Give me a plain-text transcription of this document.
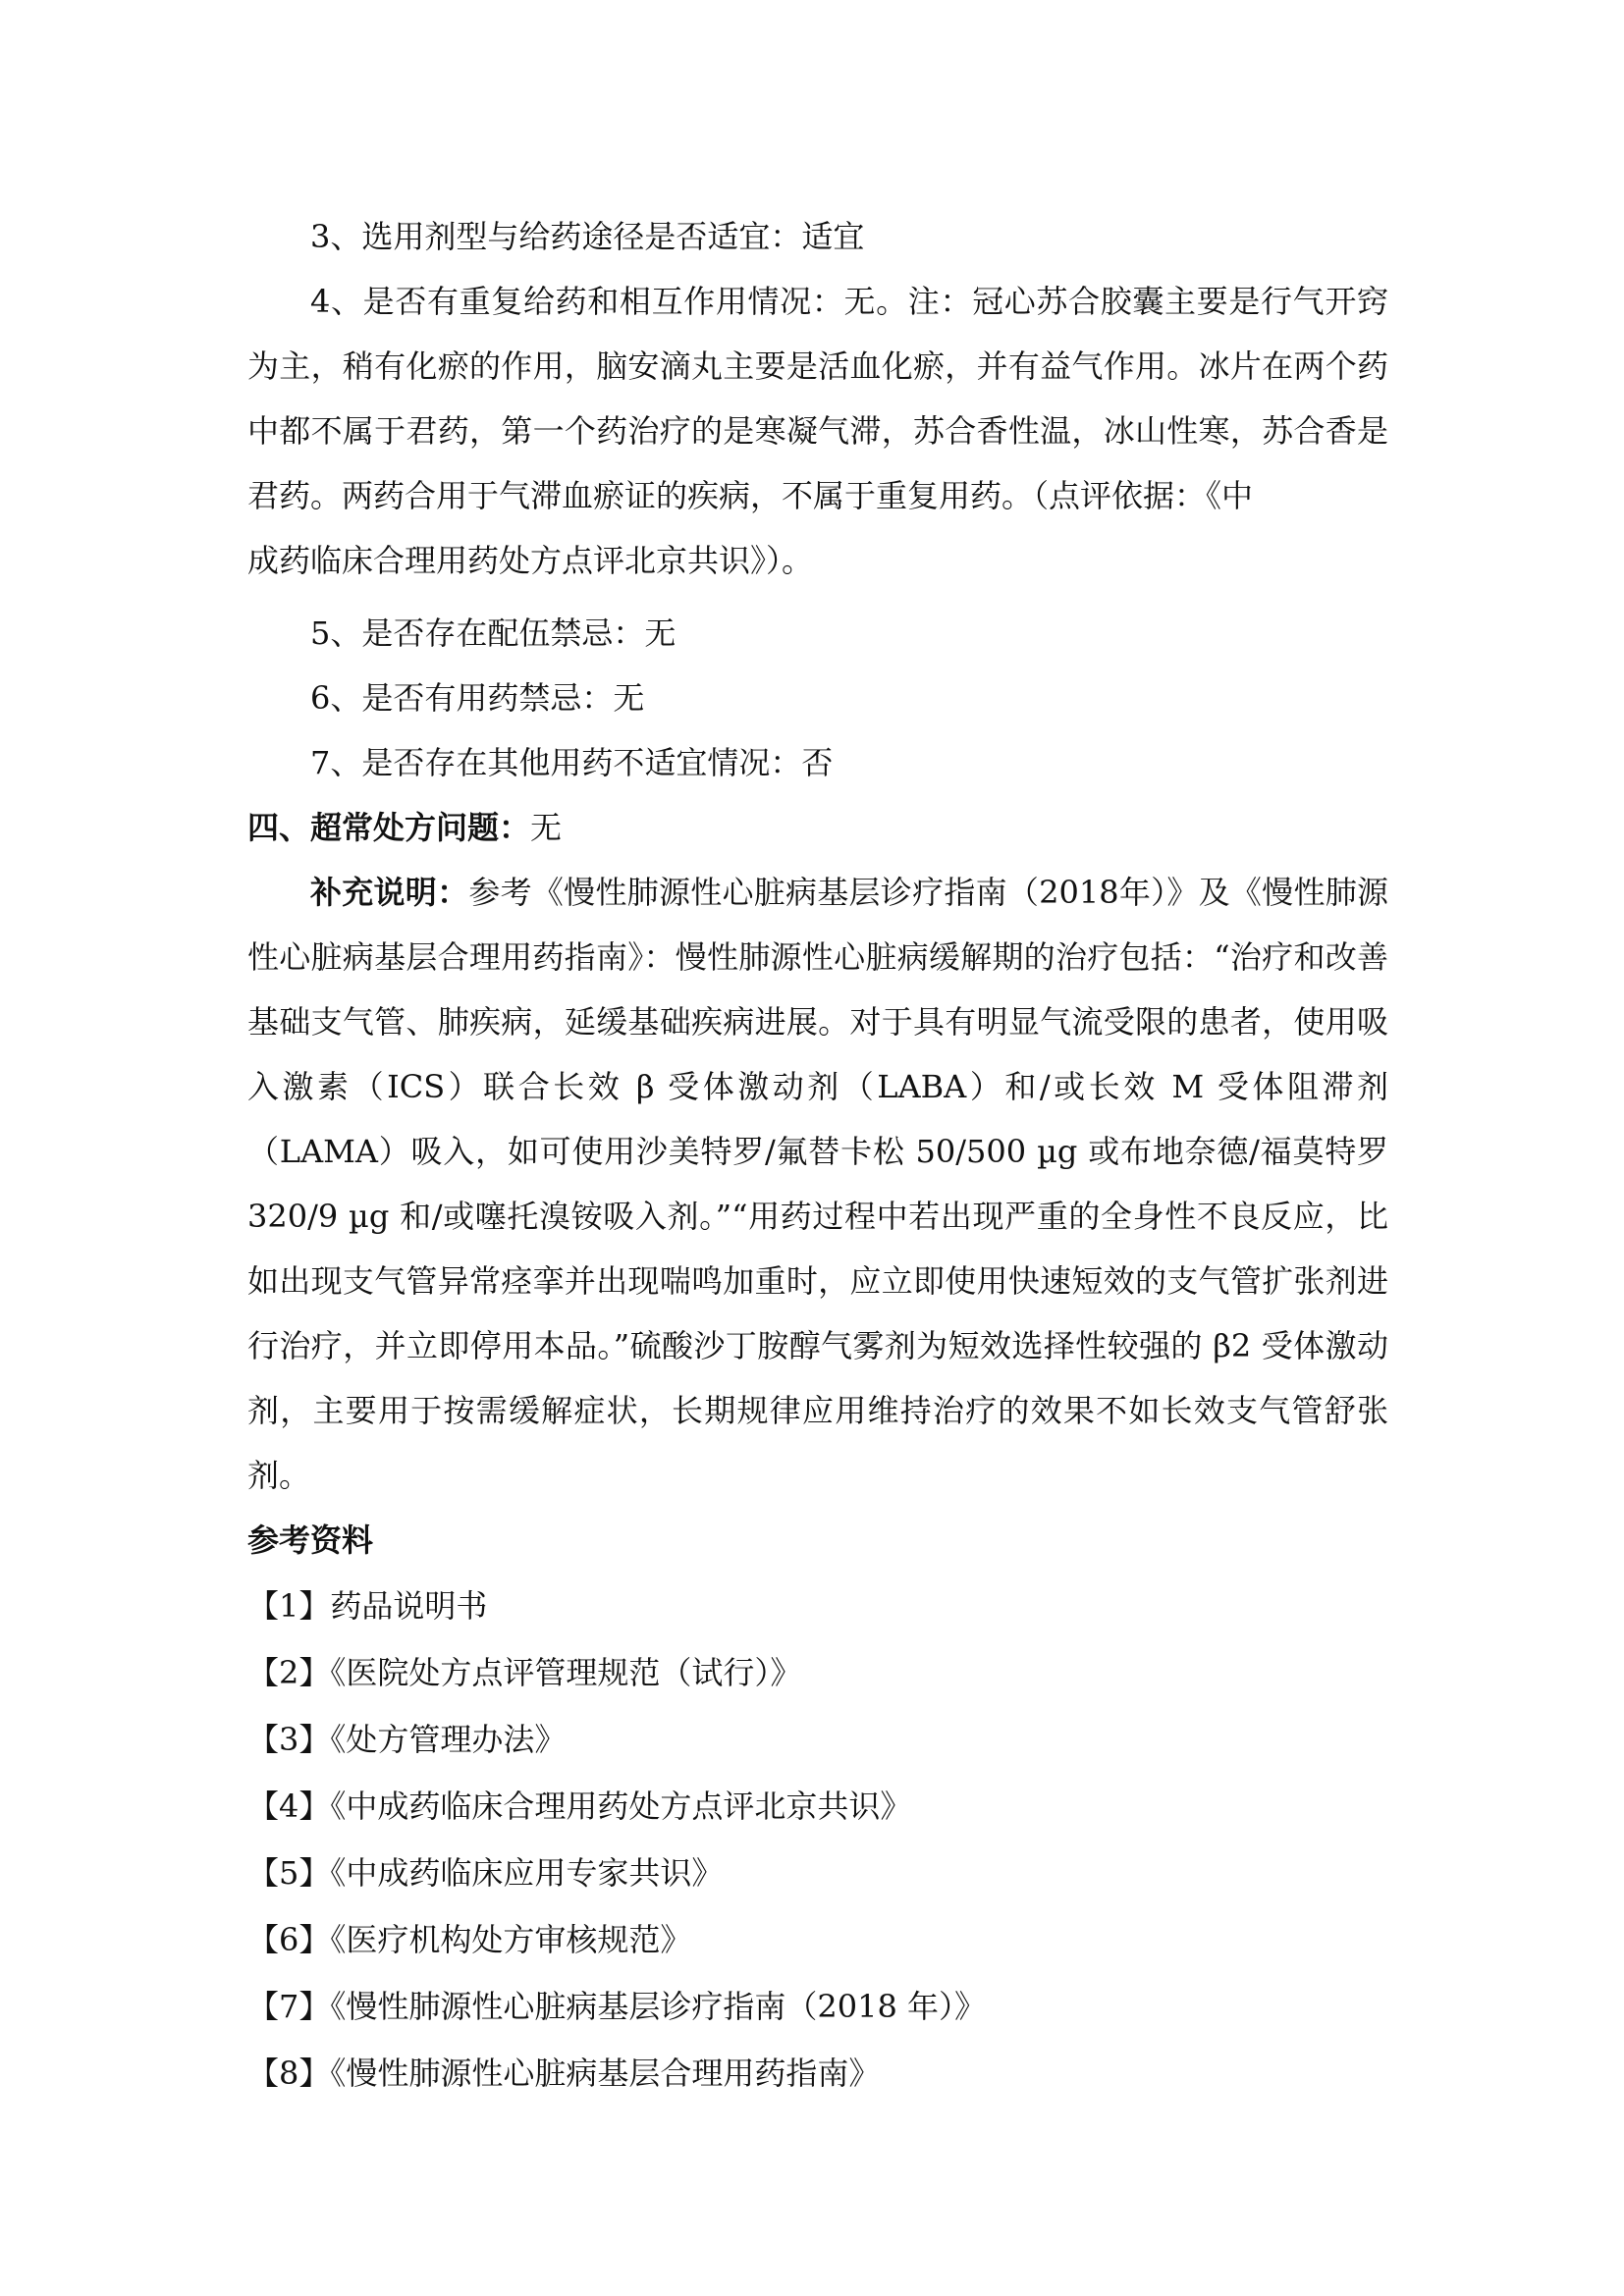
3、选用剂型与给药途径是否适宜：适宜
4、是否有重复给药和相互作用情况：无。注：冠心苏合胶囊主要是行气开窍为主，稍有化瘀的作用，脑安滴丸主要是活血化瘀，并有益气作用。冰片在两个药中都不属于君药，第一个药治疗的是寒凝气滞，苏合香性温，冰山性寒，苏合香是君药。两药合用于气滞血瘀证的疾病，不属于重复用药。（点评依据：《中
成药临床合理用药处方点评北京共识》）。
5、是否存在配伍禁忌：无
6、是否有用药禁忌：无
7、是否存在其他用药不适宜情况：否
四、超常处方问题：无
补充说明：参考《慢性肺源性心脏病基层诊疗指南（2018年）》及《慢性肺源性心脏病基层合理用药指南》：慢性肺源性心脏病缓解期的治疗包括：“治疗和改善基础支气管、肺疾病，延缓基础疾病进展。对于具有明显气流受限的患者，使用吸入激素（ICS）联合长效 β 受体激动剂（LABA）和/或长效 M 受体阻滞剂（LAMA）吸入，如可使用沙美特罗/氟替卡松 50/500 µg 或布地奈德/福莫特罗 320/9 µg 和/或噻托溴铵吸入剂。”“用药过程中若出现严重的全身性不良反应，比如出现支气管异常痉挛并出现喘鸣加重时，应立即使用快速短效的支气管扩张剂进行治疗，并立即停用本品。”硫酸沙丁胺醇气雾剂为短效选择性较强的 β2 受体激动剂，主要用于按需缓解症状，长期规律应用维持治疗的效果不如长效支气管舒张剂。
参考资料
【1】药品说明书
【2】《医院处方点评管理规范（试行）》
【3】《处方管理办法》
【4】《中成药临床合理用药处方点评北京共识》
【5】《中成药临床应用专家共识》
【6】《医疗机构处方审核规范》
【7】《慢性肺源性心脏病基层诊疗指南（2018 年）》
【8】《慢性肺源性心脏病基层合理用药指南》
